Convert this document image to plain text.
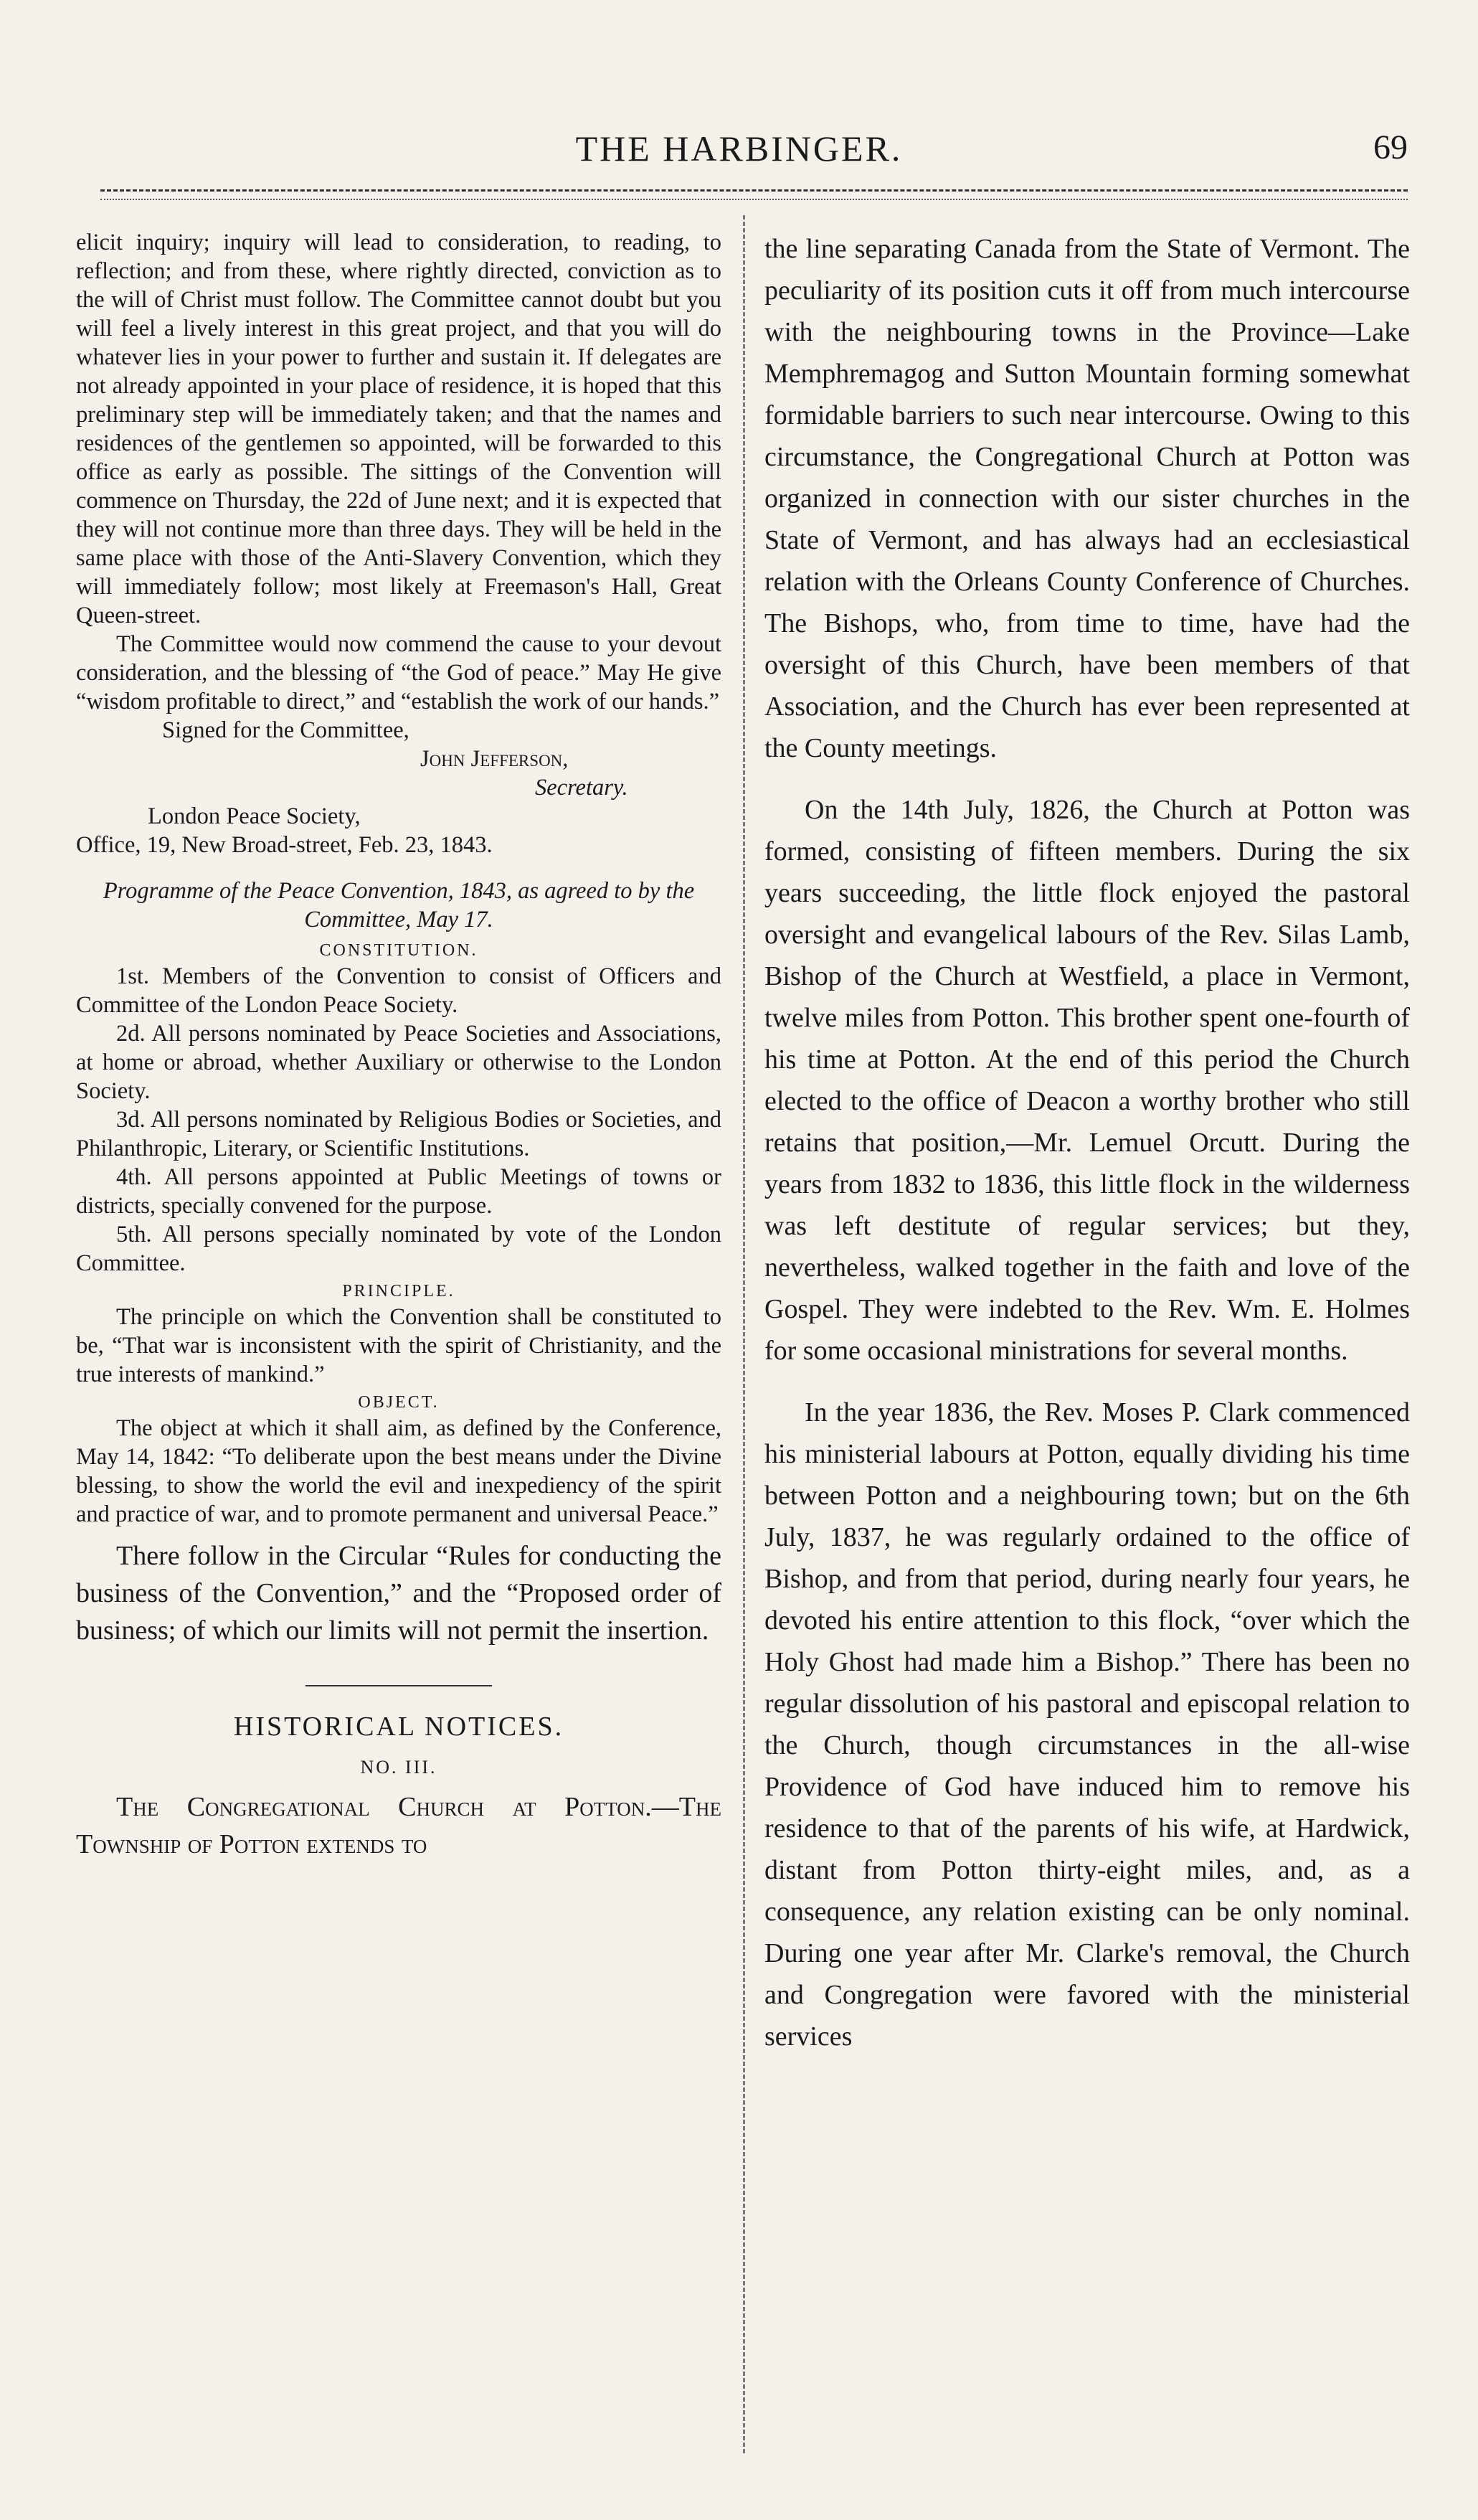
THE HARBINGER.	69

elicit inquiry; inquiry will lead to consideration, to reading, to reflection; and from these, where rightly directed, conviction as to the will of Christ must follow. The Committee cannot doubt but you will feel a lively interest in this great project, and that you will do whatever lies in your power to further and sustain it. If delegates are not already appointed in your place of residence, it is hoped that this preliminary step will be immediately taken; and that the names and residences of the gentlemen so appointed, will be forwarded to this office as early as possible. The sittings of the Convention will commence on Thursday, the 22d of June next; and it is expected that they will not continue more than three days. They will be held in the same place with those of the Anti-Slavery Convention, which they will immediately follow; most likely at Freemason's Hall, Great Queen-street.

The Committee would now commend the cause to your devout consideration, and the blessing of “the God of peace.” May He give “wisdom profitable to direct,” and “establish the work of our hands.”

Signed for the Committee,

John Jefferson,

Secretary.

London Peace Society,

Office, 19, New Broad-street, Feb. 23, 1843.

Programme of the Peace Convention, 1843, as agreed to by the Committee, May 17.

CONSTITUTION.

1st. Members of the Convention to consist of Officers and Committee of the London Peace Society.

2d. All persons nominated by Peace Societies and Associations, at home or abroad, whether Auxiliary or otherwise to the London Society.

3d. All persons nominated by Religious Bodies or Societies, and Philanthropic, Literary, or Scientific Institutions.

4th. All persons appointed at Public Meetings of towns or districts, specially convened for the purpose.

5th. All persons specially nominated by vote of the London Committee.

PRINCIPLE.

The principle on which the Convention shall be constituted to be, “That war is inconsistent with the spirit of Christianity, and the true interests of mankind.”

OBJECT.

The object at which it shall aim, as defined by the Conference, May 14, 1842: “To deliberate upon the best means under the Divine blessing, to show the world the evil and inexpediency of the spirit and practice of war, and to promote permanent and universal Peace.”

There follow in the Circular “Rules for conducting the business of the Convention,” and the “Proposed order of business; of which our limits will not permit the insertion.

HISTORICAL NOTICES.

NO. III.

The Congregational Church at Potton.—The Township of Potton extends to

the line separating Canada from the State of Vermont. The peculiarity of its position cuts it off from much intercourse with the neighbouring towns in the Province—Lake Memphremagog and Sutton Mountain forming somewhat formidable barriers to such near intercourse. Owing to this circumstance, the Congregational Church at Potton was organized in connection with our sister churches in the State of Vermont, and has always had an ecclesiastical relation with the Orleans County Conference of Churches. The Bishops, who, from time to time, have had the oversight of this Church, have been members of that Association, and the Church has ever been represented at the County meetings.

On the 14th July, 1826, the Church at Potton was formed, consisting of fifteen members. During the six years succeeding, the little flock enjoyed the pastoral oversight and evangelical labours of the Rev. Silas Lamb, Bishop of the Church at Westfield, a place in Vermont, twelve miles from Potton. This brother spent one-fourth of his time at Potton. At the end of this period the Church elected to the office of Deacon a worthy brother who still retains that position,—Mr. Lemuel Orcutt. During the years from 1832 to 1836, this little flock in the wilderness was left destitute of regular services; but they, nevertheless, walked together in the faith and love of the Gospel. They were indebted to the Rev. Wm. E. Holmes for some occasional ministrations for several months.

In the year 1836, the Rev. Moses P. Clark commenced his ministerial labours at Potton, equally dividing his time between Potton and a neighbouring town; but on the 6th July, 1837, he was regularly ordained to the office of Bishop, and from that period, during nearly four years, he devoted his entire attention to this flock, “over which the Holy Ghost had made him a Bishop.” There has been no regular dissolution of his pastoral and episcopal relation to the Church, though circumstances in the all-wise Providence of God have induced him to remove his residence to that of the parents of his wife, at Hardwick, distant from Potton thirty-eight miles, and, as a consequence, any relation existing can be only nominal. During one year after Mr. Clarke's removal, the Church and Congregation were favored with the ministerial services
